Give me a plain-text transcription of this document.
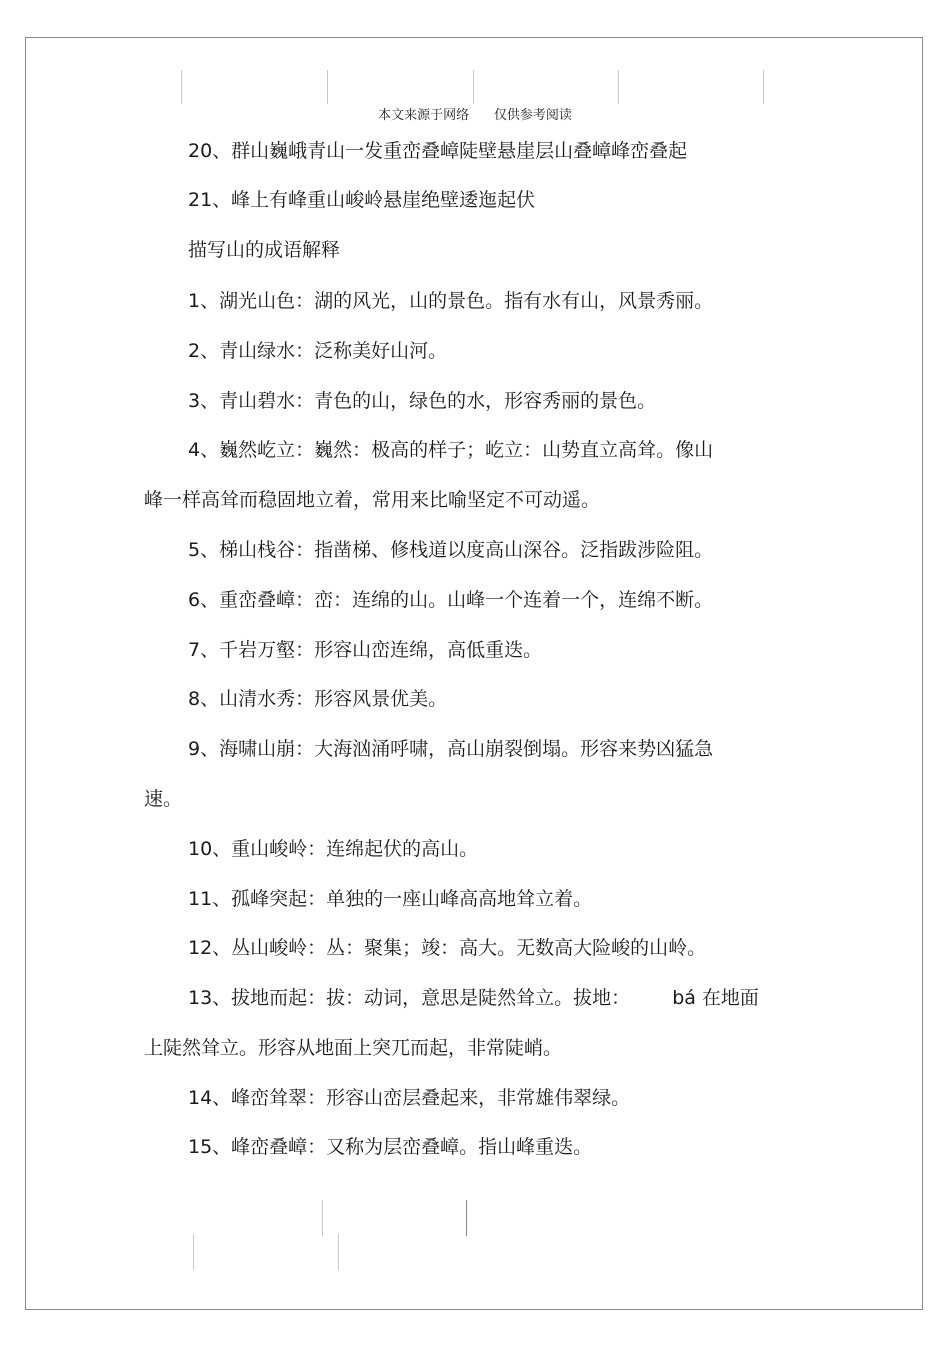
本文来源于网络      仅供参考阅读
20、群山巍峨青山一发重峦叠嶂陡壁悬崖层山叠嶂峰峦叠起
21、峰上有峰重山峻岭悬崖绝壁逶迤起伏
描写山的成语解释
1、湖光山色：湖的风光，山的景色。指有水有山，风景秀丽。
2、青山绿水：泛称美好山河。
3、青山碧水：青色的山，绿色的水，形容秀丽的景色。
4、巍然屹立：巍然：极高的样子；屹立：山势直立高耸。像山
峰一样高耸而稳固地立着，常用来比喻坚定不可动遥。
5、梯山栈谷：指凿梯、修栈道以度高山深谷。泛指跋涉险阻。
6、重峦叠嶂：峦：连绵的山。山峰一个连着一个，连绵不断。
7、千岩万壑：形容山峦连绵，高低重迭。
8、山清水秀：形容风景优美。
9、海啸山崩：大海汹涌呼啸，高山崩裂倒塌。形容来势凶猛急
速。
10、重山峻岭：连绵起伏的高山。
11、孤峰突起：单独的一座山峰高高地耸立着。
12、丛山峻岭：丛：聚集；竣：高大。无数高大险峻的山岭。
13、拔地而起：拔：动词，意思是陡然耸立。拔地： bá 在地面
上陡然耸立。形容从地面上突兀而起，非常陡峭。
14、峰峦耸翠：形容山峦层叠起来，非常雄伟翠绿。
15、峰峦叠嶂：又称为层峦叠嶂。指山峰重迭。
